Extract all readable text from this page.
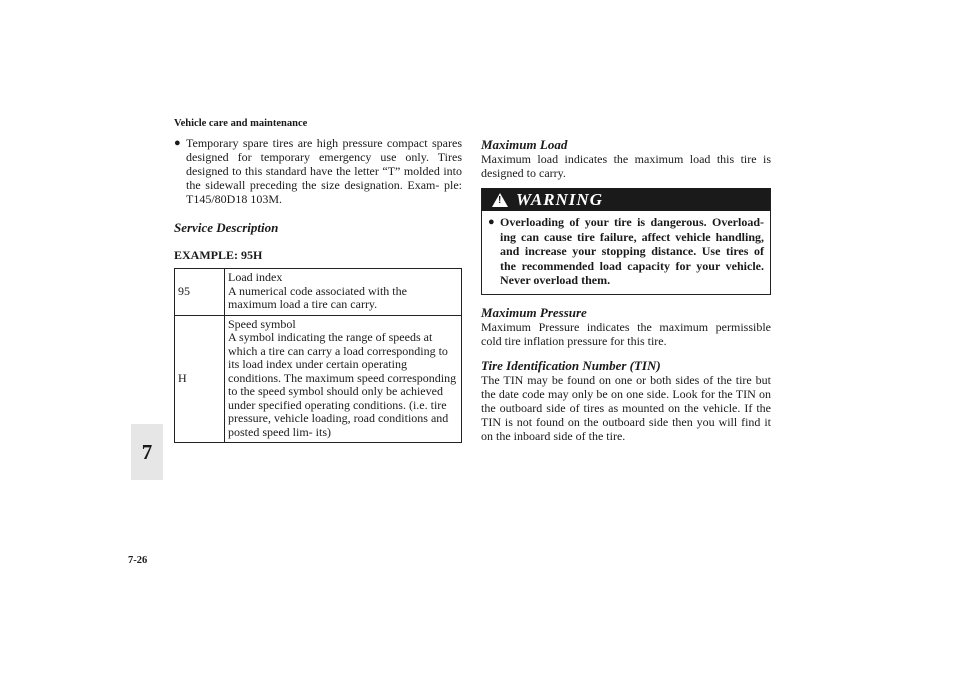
Vehicle care and maintenance
● Temporary spare tires are high pressure compact spares designed for temporary emergency use only. Tires designed to this standard have the letter “T” molded into the sidewall preceding the size designation. Exam- ple: T145/80D18 103M.
Service Description
EXAMPLE: 95H
95	Load index
A numerical code associated with the maximum load a tire can carry.

H	Speed symbol
A symbol indicating the range of speeds at which a tire can carry a load corresponding to its load index under certain operating conditions. The maximum speed corresponding to the speed symbol should only be achieved under specified operating conditions. (i.e. tire pressure, vehicle loading, road conditions and posted speed lim- its)
Maximum Load
Maximum load indicates the maximum load this tire is designed to carry.
!
WARNING
● Overloading of your tire is dangerous. Overload- ing can cause tire failure, affect vehicle handling, and increase your stopping distance. Use tires of the recommended load capacity for your vehicle. Never overload them.
Maximum Pressure
Maximum Pressure indicates the maximum permissible cold tire inflation pressure for this tire.
Tire Identification Number (TIN)
The TIN may be found on one or both sides of the tire but the date code may only be on one side. Look for the TIN on the outboard side of tires as mounted on the vehicle. If the TIN is not found on the outboard side then you will find it on the inboard side of the tire.
7
7-26
